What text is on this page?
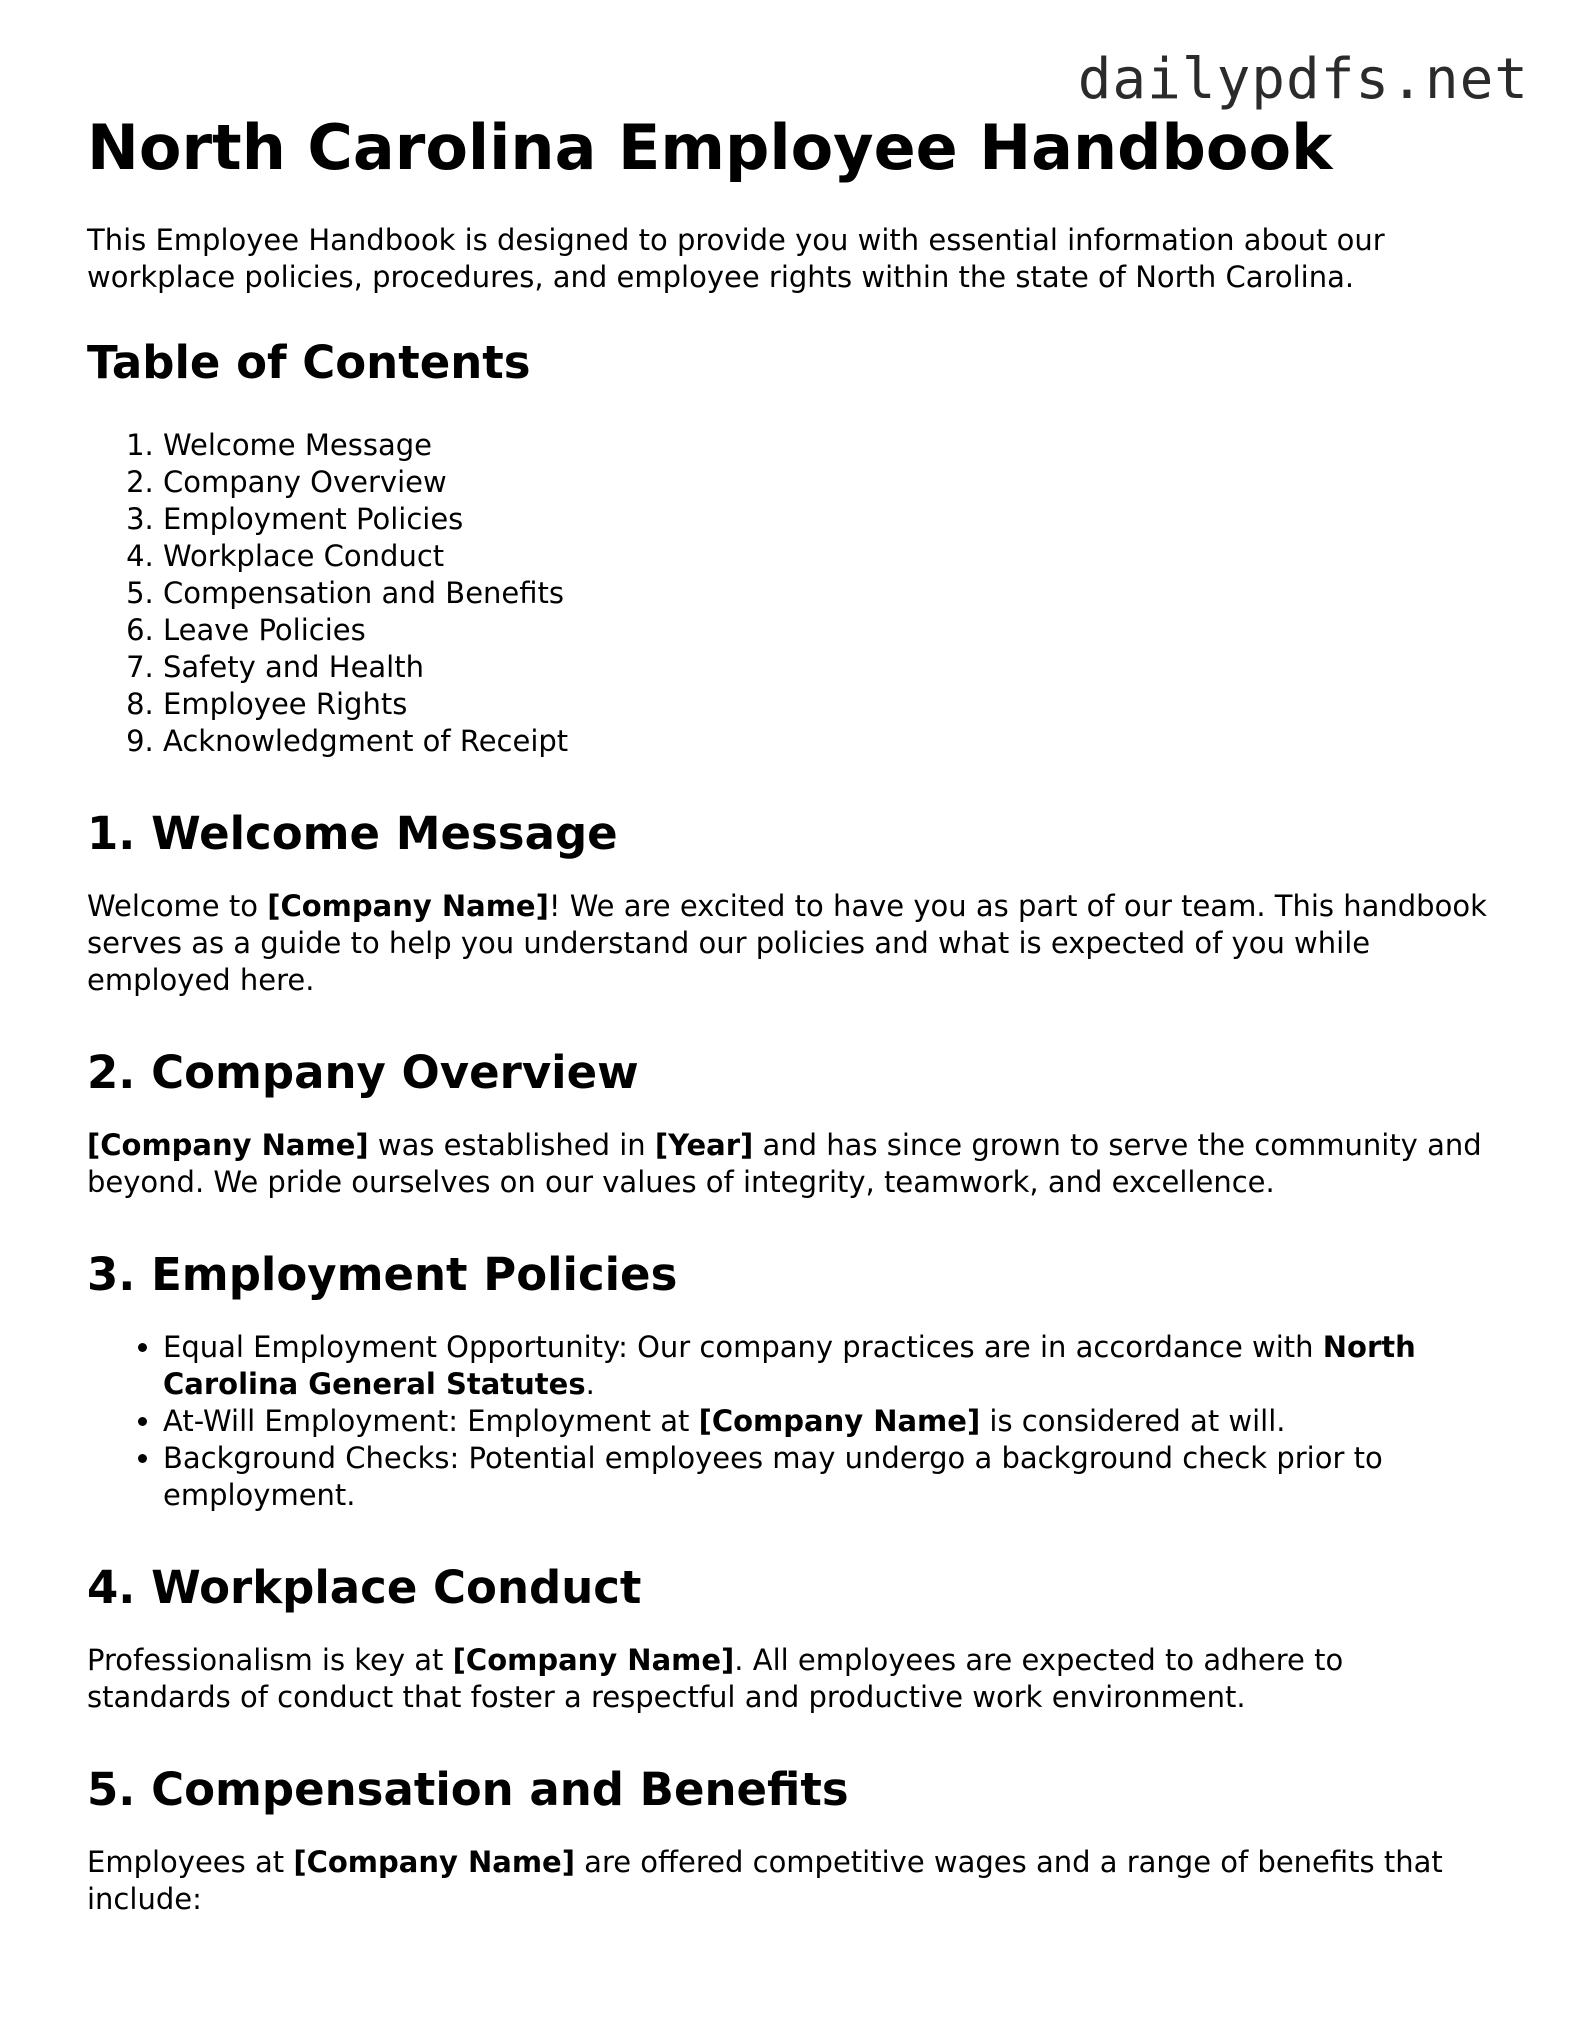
dailypdfs.net
North Carolina Employee Handbook

This Employee Handbook is designed to provide you with essential information about our workplace policies, procedures, and employee rights within the state of North Carolina.

Table of Contents
1. Welcome Message
2. Company Overview
3. Employment Policies
4. Workplace Conduct
5. Compensation and Benefits
6. Leave Policies
7. Safety and Health
8. Employee Rights
9. Acknowledgment of Receipt
1. Welcome Message

Welcome to [Company Name]! We are excited to have you as part of our team. This handbook serves as a guide to help you understand our policies and what is expected of you while employed here.

2. Company Overview

[Company Name] was established in [Year] and has since grown to serve the community and beyond. We pride ourselves on our values of integrity, teamwork, and excellence.

3. Employment Policies
• Equal Employment Opportunity: Our company practices are in accordance with North Carolina General Statutes.
• At-Will Employment: Employment at [Company Name] is considered at will.
• Background Checks: Potential employees may undergo a background check prior to employment.
4. Workplace Conduct

Professionalism is key at [Company Name]. All employees are expected to adhere to standards of conduct that foster a respectful and productive work environment.

5. Compensation and Benefits

Employees at [Company Name] are offered competitive wages and a range of benefits that include:
